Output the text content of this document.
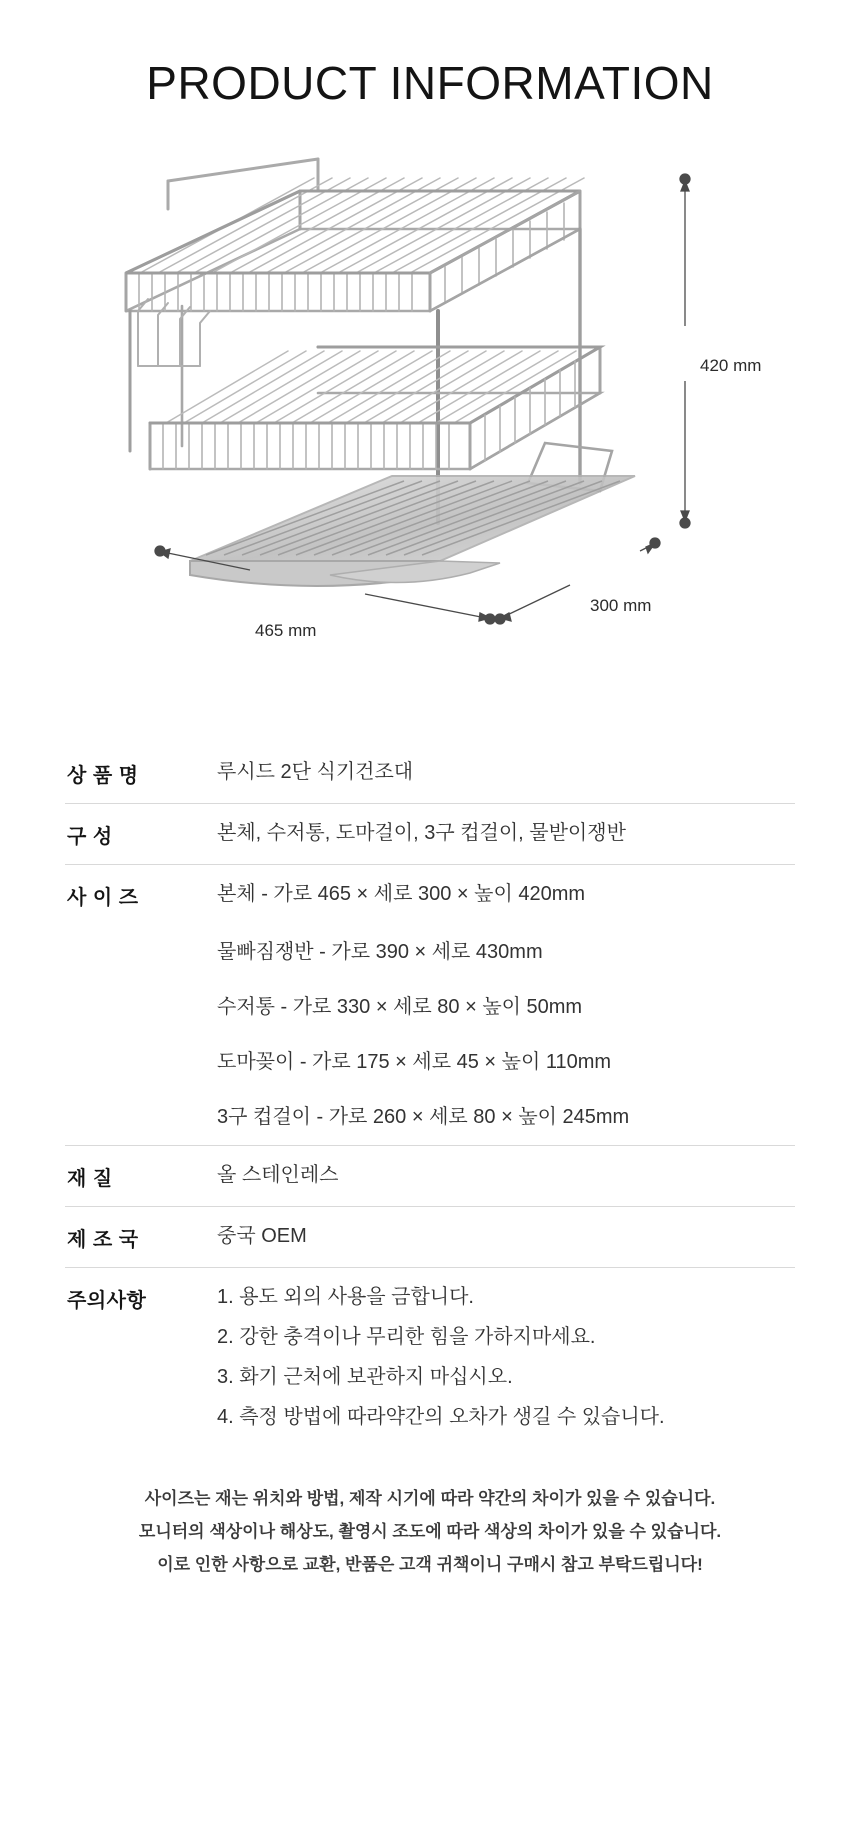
PRODUCT INFORMATION
420 mm
465 mm
300 mm
상 품 명	루시드 2단 식기건조대
구 성	본체, 수저통, 도마걸이, 3구 컵걸이, 물받이쟁반
사 이 즈	본체 - 가로 465 × 세로 300 × 높이 420mm
	물빠짐쟁반 - 가로 390 × 세로 430mm
	수저통 - 가로 330 × 세로 80 × 높이 50mm
	도마꽂이 - 가로 175 × 세로 45 × 높이 110mm
	3구 컵걸이 - 가로 260 × 세로 80 × 높이 245mm
재 질	올 스테인레스
제 조 국	중국 OEM
주의사항	1. 용도 외의 사용을 금합니다.
2. 강한 충격이나 무리한 힘을 가하지마세요.
3. 화기 근처에 보관하지 마십시오.
4. 측정 방법에 따라약간의 오차가 생길 수 있습니다.
사이즈는 재는 위치와 방법, 제작 시기에 따라 약간의 차이가 있을 수 있습니다.
모니터의 색상이나 해상도, 촬영시 조도에 따라 색상의 차이가 있을 수 있습니다.
이로 인한 사항으로 교환, 반품은 고객 귀책이니 구매시 참고 부탁드립니다!
